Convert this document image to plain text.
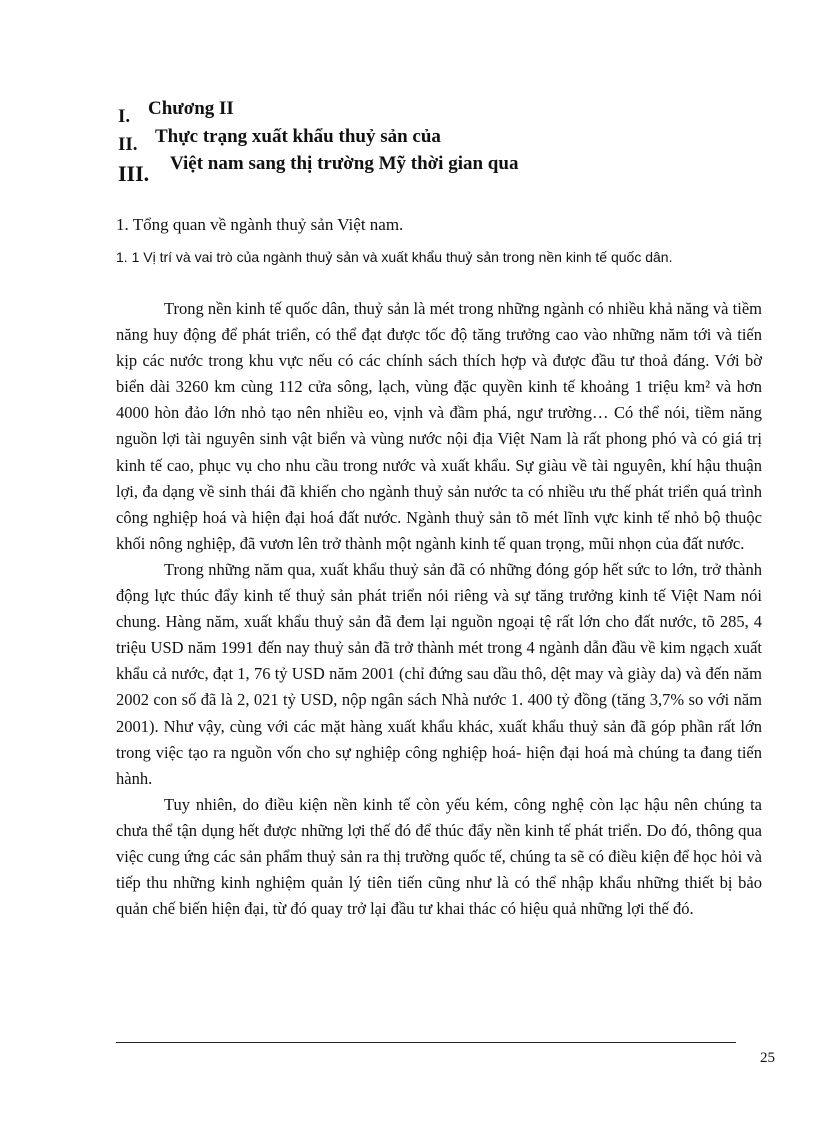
I. Chương II
II. Thực trạng xuất khẩu thuỷ sản của
III. Việt nam sang thị trường Mỹ thời gian qua
1. Tổng quan về ngành thuỷ sản Việt nam.
1. 1 Vị trí và vai trò của ngành thuỷ sản và xuất khẩu thuỷ sản trong nền kinh tế quốc dân.

Trong nền kinh tế quốc dân, thuỷ sản là mét trong những ngành có nhiều khả năng và tiềm năng huy động để phát triển, có thể đạt được tốc độ tăng trưởng cao vào những năm tới và tiến kịp các nước trong khu vực nếu có các chính sách thích hợp và được đầu tư thoả đáng. Với bờ biển dài 3260 km cùng 112 cửa sông, lạch, vùng đặc quyền kinh tế khoảng 1 triệu km² và hơn 4000 hòn đảo lớn nhỏ tạo nên nhiều eo, vịnh và đầm phá, ngư trường… Có thể nói, tiềm năng nguồn lợi tài nguyên sinh vật biển và vùng nước nội địa Việt Nam là rất phong phó và có giá trị kinh tế cao, phục vụ cho nhu cầu trong nước và xuất khẩu. Sự giàu về tài nguyên, khí hậu thuận lợi, đa dạng về sinh thái đã khiến cho ngành thuỷ sản nước ta có nhiều ưu thế phát triển quá trình công nghiệp hoá và hiện đại hoá đất nước. Ngành thuỷ sản tõ mét lĩnh vực kinh tế nhỏ bộ thuộc khối nông nghiệp, đã vươn lên trở thành một ngành kinh tế quan trọng, mũi nhọn của đất nước.

Trong những năm qua, xuất khẩu thuỷ sản đã có những đóng góp hết sức to lớn, trở thành động lực thúc đẩy kinh tế thuỷ sản phát triển nói riêng và sự tăng trưởng kinh tế Việt Nam nói chung. Hàng năm, xuất khẩu thuỷ sản đã đem lại nguồn ngoại tệ rất lớn cho đất nước, tõ 285, 4 triệu USD năm 1991 đến nay thuỷ sản đã trở thành mét trong 4 ngành dẫn đầu về kim ngạch xuất khẩu cả nước, đạt 1, 76 tỷ USD năm 2001 (chỉ đứng sau dầu thô, dệt may và giày da) và đến năm 2002 con số đã là 2, 021 tỷ USD, nộp ngân sách Nhà nước 1. 400 tỷ đồng (tăng 3,7% so với năm 2001). Như vậy, cùng với các mặt hàng xuất khẩu khác, xuất khẩu thuỷ sản đã góp phần rất lớn trong việc tạo ra nguồn vốn cho sự nghiệp công nghiệp hoá- hiện đại hoá mà chúng ta đang tiến hành.

Tuy nhiên, do điều kiện nền kinh tế còn yếu kém, công nghệ còn lạc hậu nên chúng ta chưa thể tận dụng hết được những lợi thế đó để thúc đẩy nền kinh tế phát triển. Do đó, thông qua việc cung ứng các sản phẩm thuỷ sản ra thị trường quốc tế, chúng ta sẽ có điều kiện để học hỏi và tiếp thu những kinh nghiệm quản lý tiên tiến cũng như là có thể nhập khẩu những thiết bị bảo quản chế biến hiện đại, từ đó quay trở lại đầu tư khai thác có hiệu quả những lợi thế đó.

25
